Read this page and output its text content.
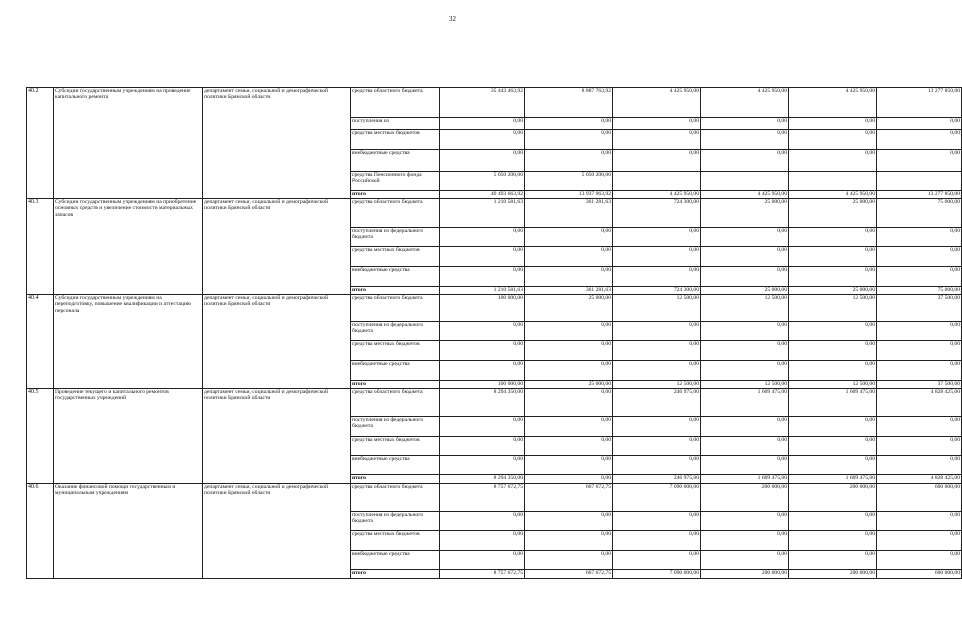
32
40.2	Субсидии государственным учреждениям на проведение капитального ремонта	департамент семьи, социальной и демографической политики Брянской области	средства областного бюджета	35 443 463,92	8 887 763,92	4 425 950,00	4 425 950,00	4 425 950,00	13 277 850,00
			поступления из	0,00	0,00	0,00	0,00	0,00	0,00
			средства местных бюджетов	0,00	0,00	0,00	0,00	0,00	0,00
			внебюджетные средства	0,00	0,00	0,00	0,00	0,00	0,00
			средства Пенсионного фонда Российской	5 050 200,00	5 050 200,00				
			итого	40 493 663,92	13 937 963,92	4 425 950,00	4 425 950,00	4 425 950,00	13 277 850,00
40.3	Субсидии государственным учреждениям на приобретение основных средств и увеличение стоимости материальных запасов	департамент семьи, социальной и демографической политики Брянской области	средства областного бюджета	1 210 581,63	361 281,63	724 300,00	25 000,00	25 000,00	75 000,00
			поступления из федерального бюджета	0,00	0,00	0,00	0,00	0,00	0,00
			средства местных бюджетов	0,00	0,00	0,00	0,00	0,00	0,00
			внебюджетные средства	0,00	0,00	0,00	0,00	0,00	0,00
			итого	1 210 581,63	361 281,63	724 300,00	25 000,00	25 000,00	75 000,00
40.4	Субсидии государственным учреждениям на переподготовку, повышение квалификации и аттестацию персонала	департамент семьи, социальной и демографической политики Брянской области	средства областного бюджета	100 000,00	25 000,00	12 500,00	12 500,00	12 500,00	37 500,00
			поступления из федерального бюджета	0,00	0,00	0,00	0,00	0,00	0,00
			средства местных бюджетов	0,00	0,00	0,00	0,00	0,00	0,00
			внебюджетные средства	0,00	0,00	0,00	0,00	0,00	0,00
			итого	100 000,00	25 000,00	12 500,00	12 500,00	12 500,00	37 500,00
40.5	Проведение текущего и капитального ремонтов государственных учреждений	департамент семьи, социальной и демографической политики Брянской области	средства областного бюджета	8 294 350,00	0,00	246 975,00	1 609 475,00	1 609 475,00	4 828 425,00
			поступления из федерального бюджета	0,00	0,00	0,00	0,00	0,00	0,00
			средства местных бюджетов	0,00	0,00	0,00	0,00	0,00	0,00
			внебюджетные средства	0,00	0,00	0,00	0,00	0,00	0,00
			итого	8 294 350,00	0,00	246 975,00	1 609 475,00	1 609 475,00	4 828 425,00
40.6	Оказание финансовой помощи государственным и муниципальным учреждениям	департамент семьи, социальной и демографической политики Брянской области	средства областного бюджета	8 757 672,75	667 672,75	7 090 000,00	200 000,00	200 000,00	600 000,00
			поступления из федерального бюджета	0,00	0,00	0,00	0,00	0,00	0,00
			средства местных бюджетов	0,00	0,00	0,00	0,00	0,00	0,00
			внебюджетные средства	0,00	0,00	0,00	0,00	0,00	0,00
			итого	8 757 672,75	667 672,75	7 090 000,00	200 000,00	200 000,00	600 000,00
